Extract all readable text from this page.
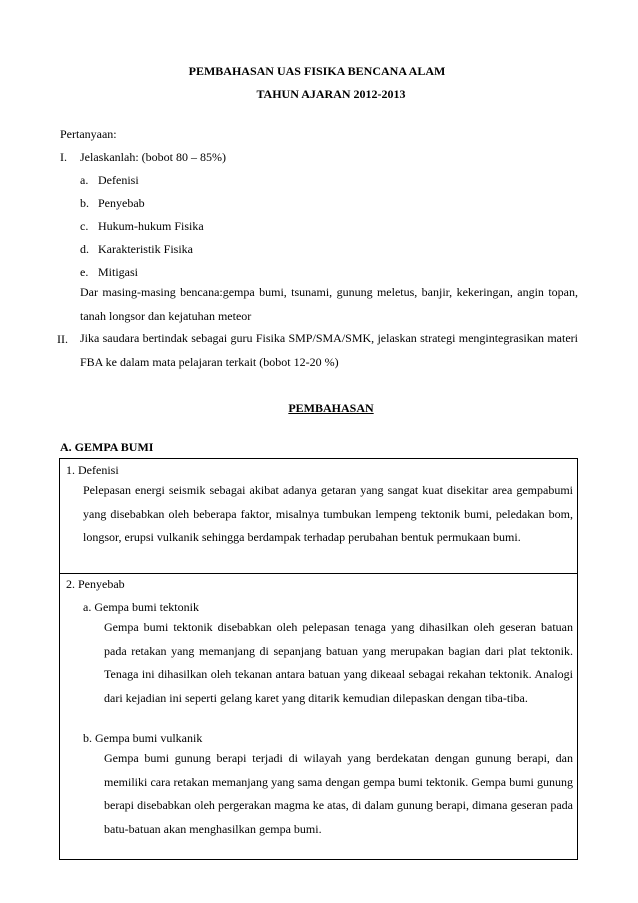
PEMBAHASAN UAS FISIKA BENCANA ALAM
TAHUN AJARAN 2012-2013
Pertanyaan:
I. Jelaskanlah: (bobot 80 – 85%)
a. Defenisi
b. Penyebab
c. Hukum-hukum Fisika
d. Karakteristik Fisika
e. Mitigasi
Dar masing-masing bencana:gempa bumi, tsunami, gunung meletus, banjir, kekeringan, angin topan, tanah longsor dan kejatuhan meteor
II. Jika saudara bertindak sebagai guru Fisika SMP/SMA/SMK, jelaskan strategi mengintegrasikan materi FBA ke dalam mata pelajaran terkait (bobot 12-20 %)
PEMBAHASAN
A. GEMPA BUMI
1. Defenisi
Pelepasan energi seismik sebagai akibat adanya getaran yang sangat kuat disekitar area gempabumi yang disebabkan oleh beberapa faktor, misalnya tumbukan lempeng tektonik bumi, peledakan bom, longsor, erupsi vulkanik sehingga berdampak terhadap perubahan bentuk permukaan bumi.
2. Penyebab
a. Gempa bumi tektonik
Gempa bumi tektonik disebabkan oleh pelepasan tenaga yang dihasilkan oleh geseran batuan pada retakan yang memanjang di sepanjang batuan yang merupakan bagian dari plat tektonik. Tenaga ini dihasilkan oleh tekanan antara batuan yang dikeaal sebagai rekahan tektonik. Analogi dari kejadian ini seperti gelang karet yang ditarik kemudian dilepaskan dengan tiba-tiba.
b. Gempa bumi vulkanik
Gempa bumi gunung berapi terjadi di wilayah yang berdekatan dengan gunung berapi, dan memiliki cara retakan memanjang yang sama dengan gempa bumi tektonik. Gempa bumi gunung berapi disebabkan oleh pergerakan magma ke atas, di dalam gunung berapi, dimana geseran pada batu-batuan akan menghasilkan gempa bumi.
